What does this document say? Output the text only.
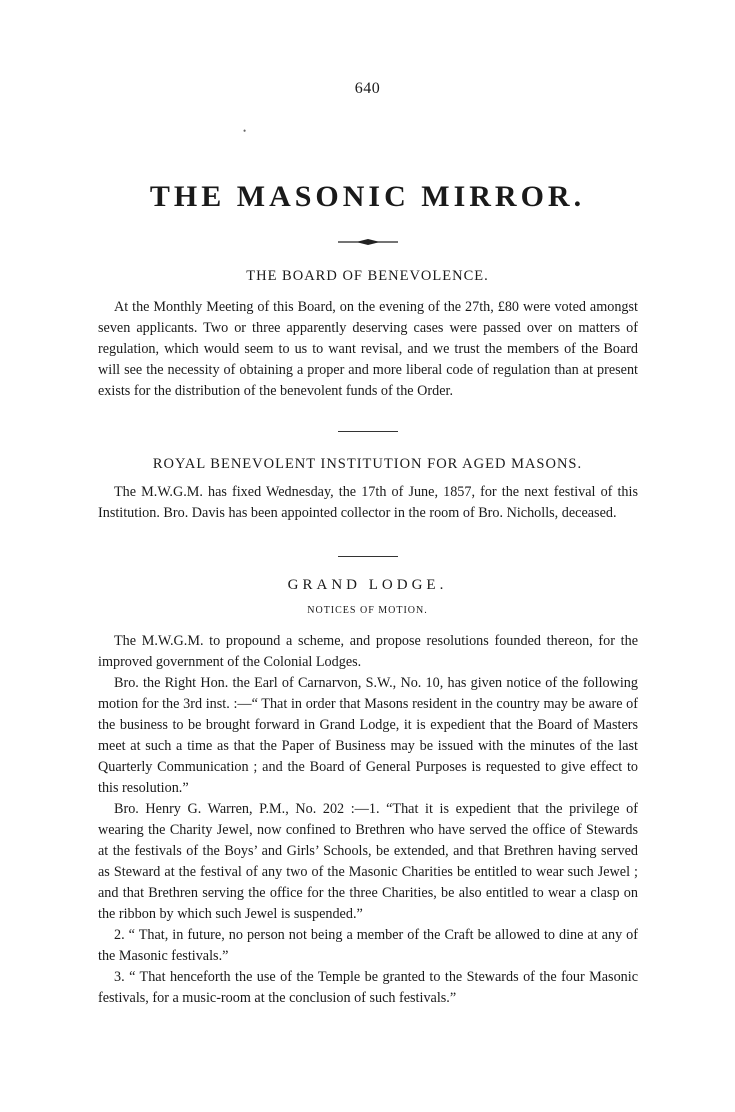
640
•
THE MASONIC MIRROR.
THE BOARD OF BENEVOLENCE.

At the Monthly Meeting of this Board, on the evening of the 27th, £80 were voted amongst seven applicants. Two or three apparently deserving cases were passed over on matters of regulation, which would seem to us to want revisal, and we trust the members of the Board will see the necessity of obtaining a proper and more liberal code of regulation than at present exists for the distribution of the benevolent funds of the Order.

ROYAL BENEVOLENT INSTITUTION FOR AGED MASONS.

The M.W.G.M. has fixed Wednesday, the 17th of June, 1857, for the next festival of this Institution. Bro. Davis has been appointed collector in the room of Bro. Nicholls, deceased.

GRAND LODGE.
NOTICES OF MOTION.

The M.W.G.M. to propound a scheme, and propose resolutions founded thereon, for the improved government of the Colonial Lodges.

Bro. the Right Hon. the Earl of Carnarvon, S.W., No. 10, has given notice of the following motion for the 3rd inst. :—“ That in order that Masons resident in the country may be aware of the business to be brought forward in Grand Lodge, it is expedient that the Board of Masters meet at such a time as that the Paper of Business may be issued with the minutes of the last Quarterly Communication ; and the Board of General Purposes is requested to give effect to this resolution.”

Bro. Henry G. Warren, P.M., No. 202 :—1. “That it is expedient that the privilege of wearing the Charity Jewel, now confined to Brethren who have served the office of Stewards at the festivals of the Boys’ and Girls’ Schools, be extended, and that Brethren having served as Steward at the festival of any two of the Masonic Charities be entitled to wear such Jewel ; and that Brethren serving the office for the three Charities, be also entitled to wear a clasp on the ribbon by which such Jewel is suspended.”

2. “ That, in future, no person not being a member of the Craft be allowed to dine at any of the Masonic festivals.”

3. “ That henceforth the use of the Temple be granted to the Stewards of the four Masonic festivals, for a music-room at the conclusion of such festivals.”
